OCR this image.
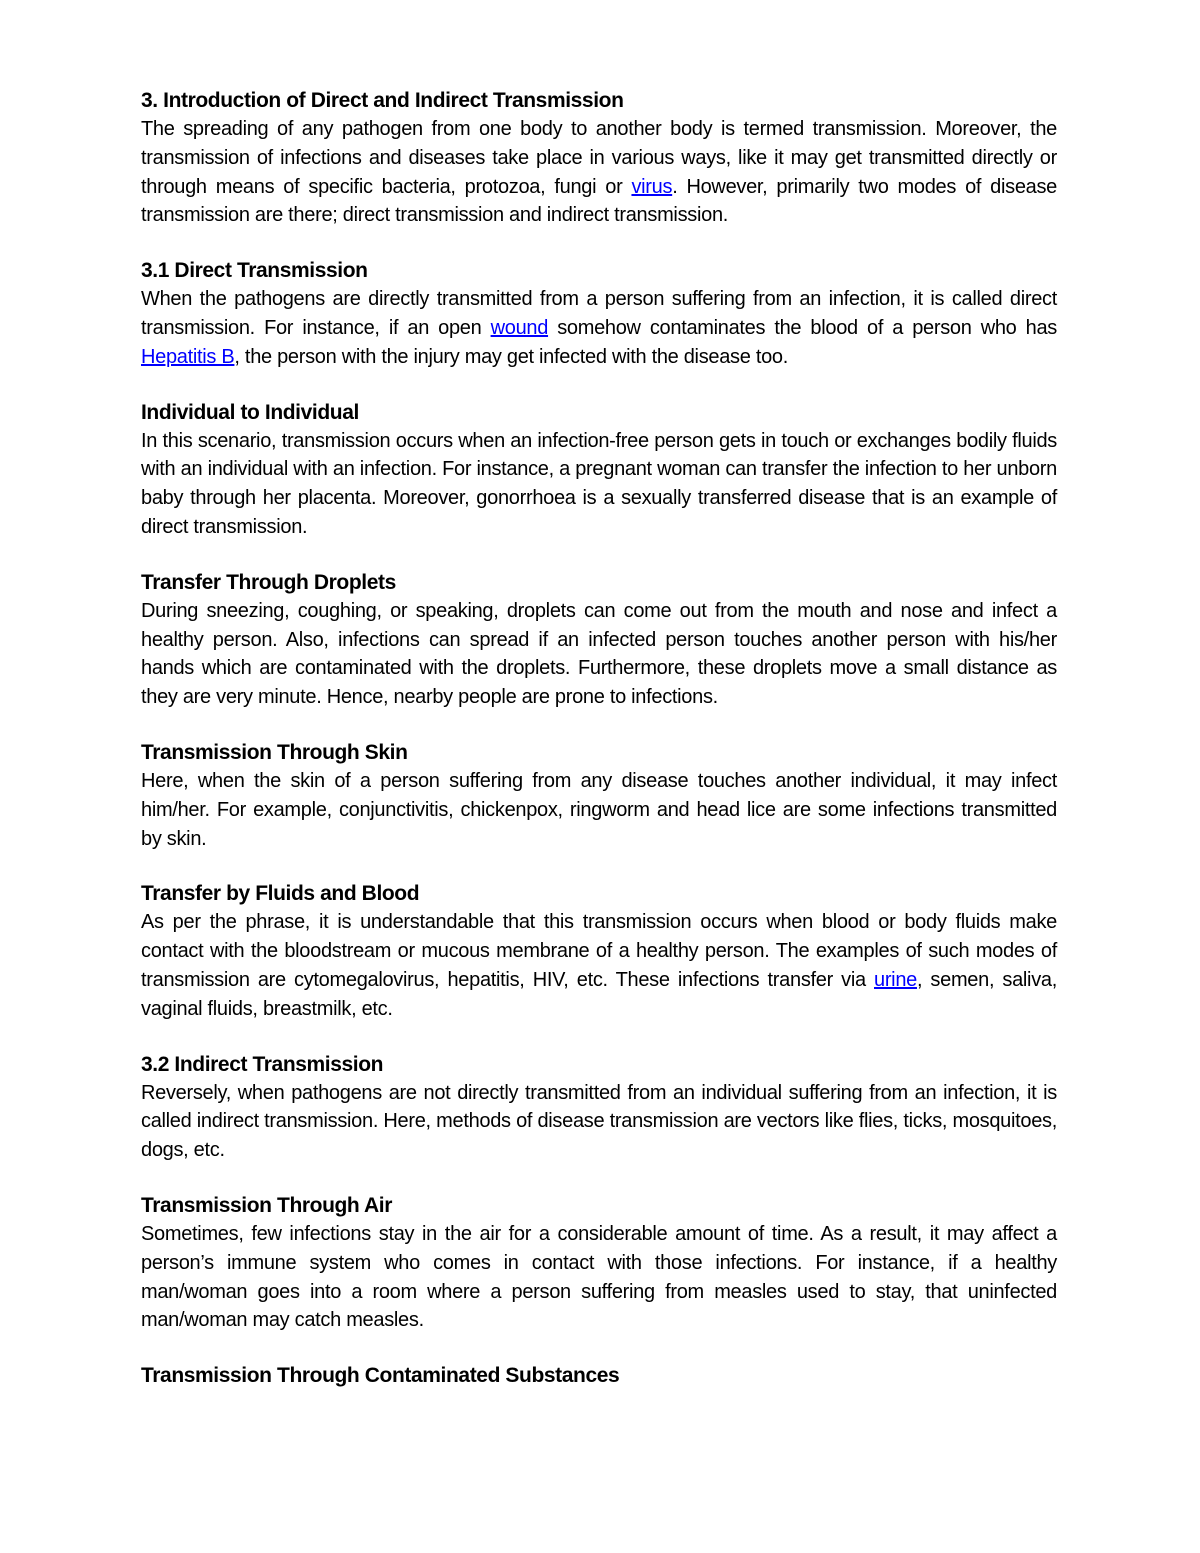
3. Introduction of Direct and Indirect Transmission
The spreading of any pathogen from one body to another body is termed transmission. Moreover, the transmission of infections and diseases take place in various ways, like it may get transmitted directly or through means of specific bacteria, protozoa, fungi or virus. However, primarily two modes of disease transmission are there; direct transmission and indirect transmission.
3.1 Direct Transmission
When the pathogens are directly transmitted from a person suffering from an infection, it is called direct transmission. For instance, if an open wound somehow contaminates the blood of a person who has Hepatitis B, the person with the injury may get infected with the disease too.
Individual to Individual
In this scenario, transmission occurs when an infection-free person gets in touch or exchanges bodily fluids with an individual with an infection. For instance, a pregnant woman can transfer the infection to her unborn baby through her placenta. Moreover, gonorrhoea is a sexually transferred disease that is an example of direct transmission.
Transfer Through Droplets
During sneezing, coughing, or speaking, droplets can come out from the mouth and nose and infect a healthy person. Also, infections can spread if an infected person touches another person with his/her hands which are contaminated with the droplets. Furthermore, these droplets move a small distance as they are very minute. Hence, nearby people are prone to infections.
Transmission Through Skin
Here, when the skin of a person suffering from any disease touches another individual, it may infect him/her. For example, conjunctivitis, chickenpox, ringworm and head lice are some infections transmitted by skin.
Transfer by Fluids and Blood
As per the phrase, it is understandable that this transmission occurs when blood or body fluids make contact with the bloodstream or mucous membrane of a healthy person. The examples of such modes of transmission are cytomegalovirus, hepatitis, HIV, etc. These infections transfer via urine, semen, saliva, vaginal fluids, breastmilk, etc.
3.2 Indirect Transmission
Reversely, when pathogens are not directly transmitted from an individual suffering from an infection, it is called indirect transmission. Here, methods of disease transmission are vectors like flies, ticks, mosquitoes, dogs, etc.
Transmission Through Air
Sometimes, few infections stay in the air for a considerable amount of time. As a result, it may affect a person’s immune system who comes in contact with those infections. For instance, if a healthy man/woman goes into a room where a person suffering from measles used to stay, that uninfected man/woman may catch measles.
Transmission Through Contaminated Substances
